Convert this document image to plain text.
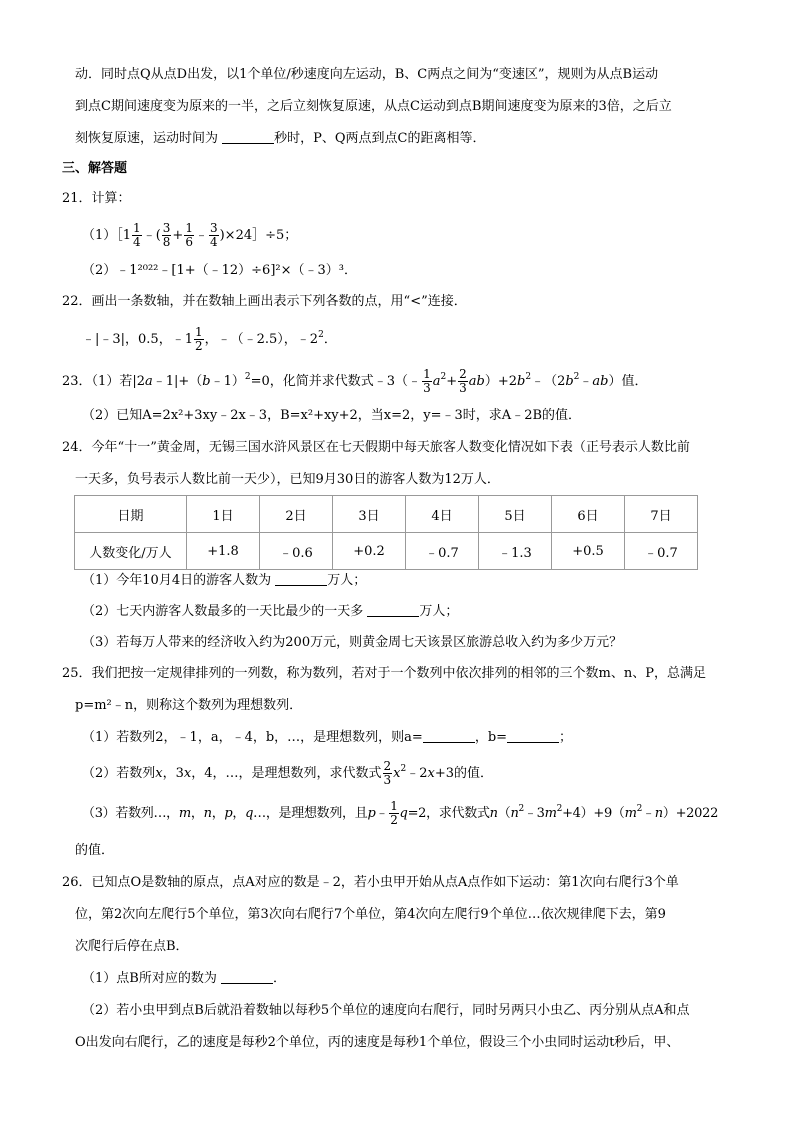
动．同时点Q从点D出发，以1个单位/秒速度向左运动，B、C两点之间为“变速区”，规则为从点B运动
到点C期间速度变为原来的一半，之后立刻恢复原速，从点C运动到点B期间速度变为原来的3倍，之后立
刻恢复原速，运动时间为	秒时，P、Q两点到点C的距离相等．
三、解答题
21．计算：
（1）［1 $\frac{1}{4}$ ﹣( $\frac{3}{8} + \frac{1}{6}$ ﹣ $\frac{3}{4}$ )×24］÷5；
（2）﹣1²⁰²²﹣[1+（﹣12）÷6]²×（﹣3）³．
22．画出一条数轴，并在数轴上画出表示下列各数的点，用“<”连接．
﹣|﹣3|，0.5，﹣1 $\frac{1}{2}$ ，﹣（﹣2.5），$﹣2^2$．
23．（1）若|2a﹣1|+（b﹣1）$^2$=0，化简并求代数式﹣3（﹣ $\frac{1}{3} a^2+ \frac{2}{3}$ $ab)+2b^2﹣(2b^2﹣ab)$值．
（2）已知A=2x²+3xy﹣2x﹣3，B=x²+xy+2，当x=2，y=﹣3时，求A﹣2B的值．
24．今年“十一”黄金周，无锡三国水浒风景区在七天假期中每天旅客人数变化情况如下表（正号表示人数比前
一天多，负号表示人数比前一天少），已知9月30日的游客人数为12万人．
日期	1日	2日	3日	4日	5日	6日	7日
人数变化/万人	+1.8	﹣0.6	+0.2	﹣0.7	﹣1.3	+0.5	﹣0.7
（1）今年10月4日的游客人数为	万人；
（2）七天内游客人数最多的一天比最少的一天多	万人；
（3）若每万人带来的经济收入约为200万元，则黄金周七天该景区旅游总收入约为多少万元？
25．我们把按一定规律排列的一列数，称为数列，若对于一个数列中依次排列的相邻的三个数m、n、P，总满足
p=m²﹣n，则称这个数列为理想数列．
（1）若数列2，﹣1，a，﹣4，b，…，是理想数列，则a=	，b=	；
（2）若数列x，3x，4，…，是理想数列，求代数式 $\frac{2}{3}$ $x^2﹣2x+3$的值．
（3）若数列…，m，n，p，q…，是理想数列，且p﹣ $\frac{1}{2} q=2$，求代数式$n(n^2﹣3m^2+4)+9(m^2﹣n)+2022$
的值．
26．已知点O是数轴的原点，点A对应的数是﹣2，若小虫甲开始从点A点作如下运动：第1次向右爬行3个单
位，第2次向左爬行5个单位，第3次向右爬行7个单位，第4次向左爬行9个单位…依次规律爬下去，第9
次爬行后停在点B．
（1）点B所对应的数为	．
（2）若小虫甲到点B后就沿着数轴以每秒5个单位的速度向右爬行，同时另两只小虫乙、丙分别从点A和点
O出发向右爬行，乙的速度是每秒2个单位，丙的速度是每秒1个单位，假设三个小虫同时运动t秒后，甲、
